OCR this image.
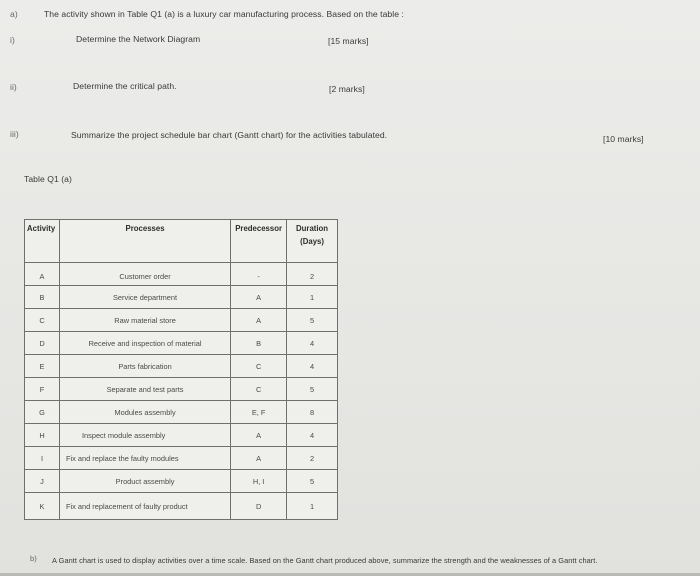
a)	The activity shown in Table Q1 (a) is a luxury car manufacturing process. Based on the table :
i)	Determine the Network Diagram	[15 marks]
ii)	Determine the critical path.	[2 marks]
iii)	Summarize the project schedule bar chart (Gantt chart) for the activities tabulated.	[10 marks]
Table Q1 (a)
Activity	Processes	Predecessor	Duration
(Days)

A	Customer order	-	2
B	Service department	A	1
C	Raw material store	A	5
D	Receive and inspection of material	B	4
E	Parts fabrication	C	4
F	Separate and test parts	C	5
G	Modules assembly	E, F	8
H	Inspect module assembly	A	4
I	Fix and replace the faulty modules	A	2
J	Product assembly	H, I	5
K	Fix and replacement of faulty product	D	1
b) A Gantt chart is used to display activities over a time scale. Based on the Gantt chart produced above, summarize the strength and the weaknesses of a Gantt chart.
